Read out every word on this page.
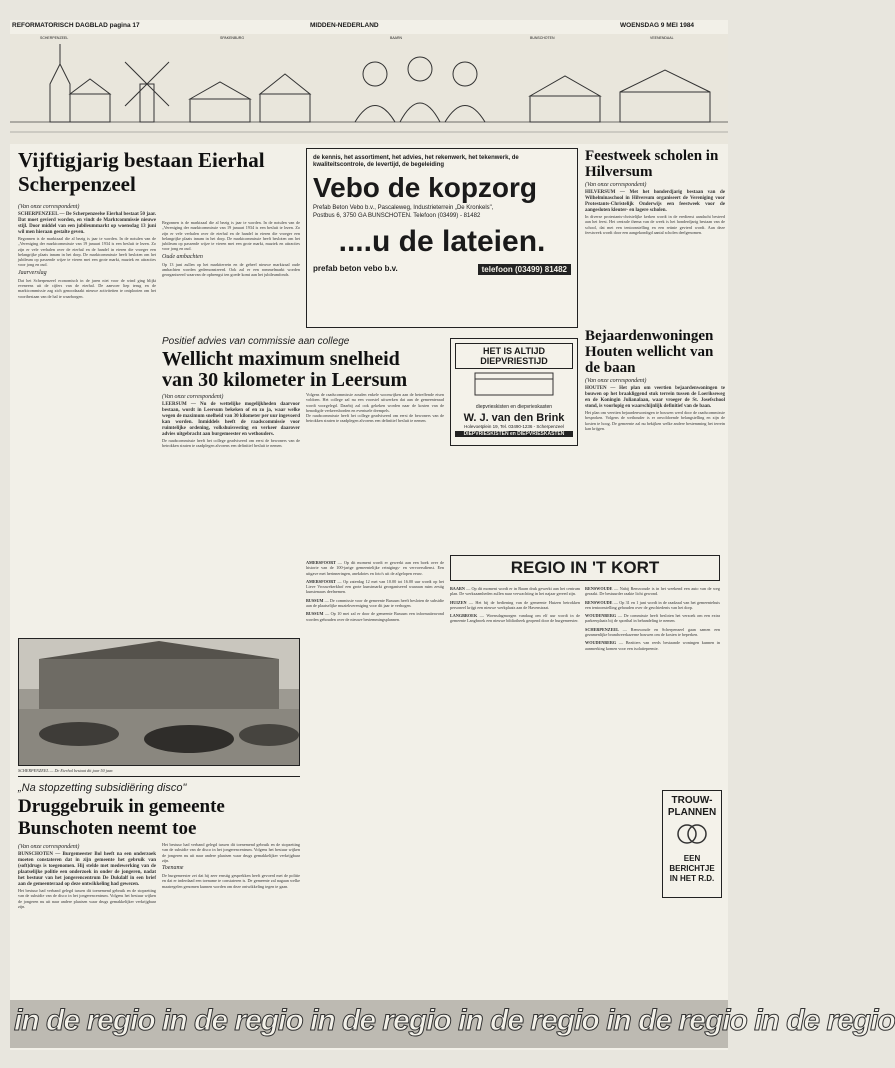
REFORMATORISCH DAGBLAD pagina 17	MIDDEN-NEDERLAND	WOENSDAG 9 MEI 1984
SCHERPENZEEL	SPAKENBURG	BAARN	BUNSCHOTEN	VEENENDAAL
Vijftigjarig bestaan Eierhal Scherpenzeel
(Van onze correspondent)
SCHERPENZEEL — De Scherpenzeelse Eierhal bestaat 50 jaar. Dat moet gevierd worden, en vindt de Marktcommissie nieuwe stijl. Door middel van een jubileummarkt op woensdag 13 juni wil men hieraan gestalte geven.
Begonnen is de marktzaal die al bezig is jaar te worden. In de notulen van de „Vereniging der marktcommissie van 19 januari 1934 is een besluit te lezen. Zo zijn er vele verhalen over de eierhal en de handel in eieren die vroeger een belangrijke plaats innam in het dorp. De marktcommissie heeft besloten om het jubileum op passende wijze te vieren met een grote markt, muziek en attracties voor jong en oud.
Jaarverslag
Dat het Scherpenzeel economisch in de jaren niet voor de wind ging blijkt eveneens uit de cijfers van de eierhal. De aanvoer liep terug en de marktcommissie zag zich genoodzaakt nieuwe activiteiten te ontplooien om het voortbestaan van de hal te waarborgen.
Begonnen is de marktzaal die al bezig is jaar te worden. In de notulen van de „Vereniging der marktcommissie van 19 januari 1934 is een besluit te lezen. Zo zijn er vele verhalen over de eierhal en de handel in eieren die vroeger een belangrijke plaats innam in het dorp. De marktcommissie heeft besloten om het jubileum op passende wijze te vieren met een grote markt, muziek en attracties voor jong en oud.
Oude ambachten
Op 13 juni zullen op het marktterrein en de geheel nieuwe marktzaal oude ambachten worden gedemonstreerd. Ook zal er een rommelmarkt worden georganiseerd waarvan de opbrengst ten goede komt aan het jubileumfonds.
SCHERPENZEEL — De Eierhal bestaat dit jaar 50 jaar.
„Na stopzetting subsidiëring disco"
Druggebruik in gemeente Bunschoten neemt toe
(Van onze correspondent)
BUNSCHOTEN — Burgemeester Bol heeft na een onderzoek moeten constateren dat in zijn gemeente het gebruik van (soft)drugs is toegenomen. Hij stelde met medewerking van de plaatselijke politie een onderzoek in onder de jongeren, nadat het bestuur van het jongerencentrum De Dukdalf in een brief aan de gemeenteraad op deze ontwikkeling had gewezen.
Het bestuur had verband gelegd tussen dit toenemend gebruik en de stopzetting van de subsidie van de disco in het jongerencentrum. Volgens het bestuur wijken de jongeren nu uit naar andere plaatsen waar drugs gemakkelijker verkrijgbaar zijn.
Het bestuur had verband gelegd tussen dit toenemend gebruik en de stopzetting van de subsidie van de disco in het jongerencentrum. Volgens het bestuur wijken de jongeren nu uit naar andere plaatsen waar drugs gemakkelijker verkrijgbaar zijn.
Toename
De burgemeester zei dat hij zeer ernstig gesprekken heeft gevoerd met de politie en dat er inderdaad een toename te constateren is. De gemeente zal nagaan welke maatregelen genomen kunnen worden om deze ontwikkeling tegen te gaan.
de kennis, het assortiment, het advies, het rekenwerk, het tekenwerk, de kwaliteitscontrole, de levertijd, de begeleiding
Vebo de kopzorg
Prefab Beton Vebo b.v., Pascaleweg, Industrieterrein „De Kronkels", Postbus 6, 3750 GA BUNSCHOTEN. Telefoon (03499) - 81482
....u de lateien.
prefab beton vebo b.v.	telefoon (03499) 81482
Positief advies van commissie aan college
Wellicht maximum snelheid van 30 kilometer in Leersum
(Van onze correspondent)
LEERSUM — Nu de wettelijke mogelijkheden daarvoor bestaan, wordt in Leersum bekeken of en zo ja, waar welke wegen de maximum snelheid van 30 kilometer per uur ingevoerd kan worden. Inmiddels heeft de raadscommissie voor ruimtelijke ordening, volkshuisvesting en verkeer daarover advies uitgebracht aan burgemeester en wethouders.
De raadscommissie heeft het college geadviseerd om eerst de bewoners van de betrokken straten te raadplegen alvorens een definitief besluit te nemen.
Volgens de raadscommissie zouden enkele woonwijken aan de betreffende eisen voldoen. Het college zal nu een voorstel uitwerken dat aan de gemeenteraad wordt voorgelegd. Daarbij zal ook gekeken worden naar de kosten van de benodigde verkeersborden en eventuele drempels.
De raadscommissie heeft het college geadviseerd om eerst de bewoners van de betrokken straten te raadplegen alvorens een definitief besluit te nemen.
HET IS ALTIJD DIEPVRIESTIJD
diepvrieskisten en diepvrieskasten
W. J. van den Brink
Holevoetplein 19, Tel. 03490-1236 - Scherpenzeel
DIEPVRIESKISTEN en DIEPVRIESKASTEN
Feestweek scholen in Hilversum
(Van onze correspondent)
HILVERSUM — Met het honderdjarig bestaan van de Wilhelminaschool in Hilversum organiseert de Vereniging voor Protestants-Christelijk Onderwijs een feestweek voor de aangesloten kleuter- en lagere scholen.
In diverse protestants-christelijke kerken wordt in de eredienst aandacht besteed aan het feest. Het centrale thema van de week is het honderdjarig bestaan van de school, dat met een tentoonstelling en een reünie gevierd wordt. Aan deze feestweek wordt door een aangekondigd aantal scholen deelgenomen.
Bejaardenwoningen Houten wellicht van de baan
(Van onze correspondent)
HOUTEN — Het plan om veertien bejaardenwoningen te bouwen op het braakliggend stuk terrein tussen de Loerikseweg en de Koningin Julianalaan, waar vroeger de St. Josefschool stond, is voorlopig en waarschijnlijk definitief van de baan.
Het plan om veertien bejaardenwoningen te bouwen werd door de raadscommissie besproken. Volgens de wethouder is er onvoldoende belangstelling en zijn de kosten te hoog. De gemeente zal nu bekijken welke andere bestemming het terrein kan krijgen.
REGIO IN 'T KORT
AMERSFOORT — Op dit moment wordt er gewerkt aan een boek over de historie van de 100-jarige gemeentelijke reinigings- en vervoersdienst. Een uitgave met herinneringen, anekdotes en foto's uit de afgelopen eeuw.
AMERSFOORT — Op zaterdag 12 mei van 10.00 tot 16.00 uur wordt op het Lieve Vrouwekerkhof een grote kunstmarkt georganiseerd waaraan ruim zestig kunstenaars deelnemen.
BUSSUM — De commissie voor de gemeente Bussum heeft besloten de subsidie aan de plaatselijke muziekvereniging voor dit jaar te verhogen.
BUSSUM — Op 10 mei zal er door de gemeente Bussum een informatieavond worden gehouden over de nieuwe bestemmingsplannen.
BAARN — Op dit moment wordt er in Baarn druk gewerkt aan het centrum plan. De werkzaamheden zullen naar verwachting in het najaar gereed zijn.
HUIZEN — Het bij de bediening van de gemeente Huizen betrokken personeel krijgt een nieuwe werkplaats aan de Havenstraat.
LANGBROEK — Woensdagmorgen vandaag om elf uur wordt in de gemeente Langbroek een nieuwe bibliotheek geopend door de burgemeester.
RENSWOUDE — Nabij Renswoude is in het weekend een auto van de weg geraakt. De bestuurder raakte licht gewond.
RENSWOUDE — Op 31 en 1 juni wordt in de raadzaal van het gemeentehuis een tentoonstelling gehouden over de geschiedenis van het dorp.
WOUDENBERG — De commissie heeft besloten het verzoek om een extra parkeerplaats bij de sporthal in behandeling te nemen.
SCHERPENZEEL — Renswoude en Scherpenzeel gaan samen een gezamenlijke brandweerkazerne bouwen om de kosten te beperken.
WOUDENBERG — Bezitters van reeds bestaande woningen kunnen in aanmerking komen voor een isolatiepremie.
TROUW-PLANNEN
EEN BERICHTJE IN HET R.D.
in de regio in de regio in de regio in de regio in de regio in de regio
